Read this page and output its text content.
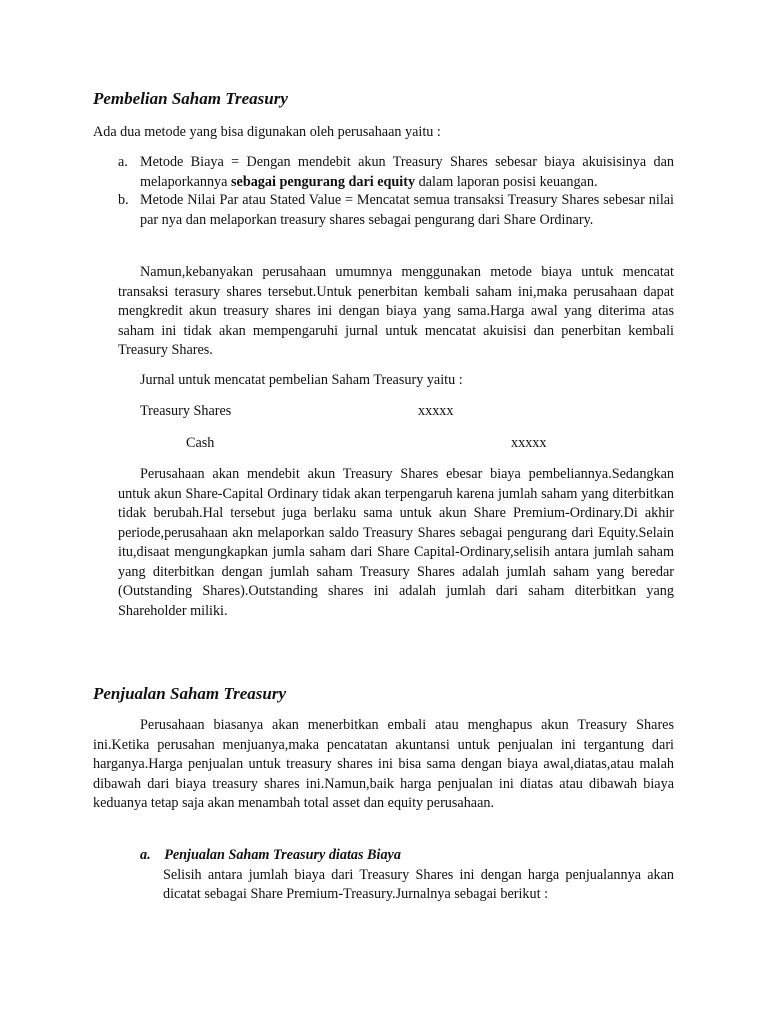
Pembelian Saham Treasury

Ada dua metode yang bisa digunakan oleh perusahaan yaitu :

a. Metode Biaya = Dengan mendebit akun Treasury Shares sebesar biaya akuisisinya dan melaporkannya sebagai pengurang dari equity dalam laporan posisi keuangan.

b. Metode Nilai Par atau Stated Value = Mencatat semua transaksi Treasury Shares sebesar nilai par nya dan melaporkan treasury shares sebagai pengurang dari Share Ordinary.

Namun,kebanyakan perusahaan umumnya menggunakan metode biaya untuk mencatat transaksi terasury shares tersebut.Untuk penerbitan kembali saham ini,maka perusahaan dapat mengkredit akun treasury shares ini dengan biaya yang sama.Harga awal yang diterima atas saham ini tidak akan mempengaruhi jurnal untuk mencatat akuisisi dan penerbitan kembali Treasury Shares.

Jurnal untuk mencatat pembelian Saham Treasury yaitu :

Treasury Shares	xxxxx
Cash	xxxxx

Perusahaan akan mendebit akun Treasury Shares ebesar biaya pembeliannya.Sedangkan untuk akun Share-Capital Ordinary tidak akan terpengaruh karena jumlah saham yang diterbitkan tidak berubah.Hal tersebut juga berlaku sama untuk akun Share Premium-Ordinary.Di akhir periode,perusahaan akn melaporkan saldo Treasury Shares sebagai pengurang dari Equity.Selain itu,disaat mengungkapkan jumla saham dari Share Capital-Ordinary,selisih antara jumlah saham yang diterbitkan dengan jumlah saham Treasury Shares adalah jumlah saham yang beredar (Outstanding Shares).Outstanding shares ini adalah jumlah dari saham diterbitkan yang Shareholder miliki.

Penjualan Saham Treasury

Perusahaan biasanya akan menerbitkan embali atau menghapus akun Treasury Shares ini.Ketika perusahan menjuanya,maka pencatatan akuntansi untuk penjualan ini tergantung dari harganya.Harga penjualan untuk treasury shares ini bisa sama dengan biaya awal,diatas,atau malah dibawah dari biaya treasury shares ini.Namun,baik harga penjualan ini diatas atau dibawah biaya keduanya tetap saja akan menambah total asset dan equity perusahaan.

a. Penjualan Saham Treasury diatas Biaya

Selisih antara jumlah biaya dari Treasury Shares ini dengan harga penjualannya akan dicatat sebagai Share Premium-Treasury.Jurnalnya sebagai berikut :
